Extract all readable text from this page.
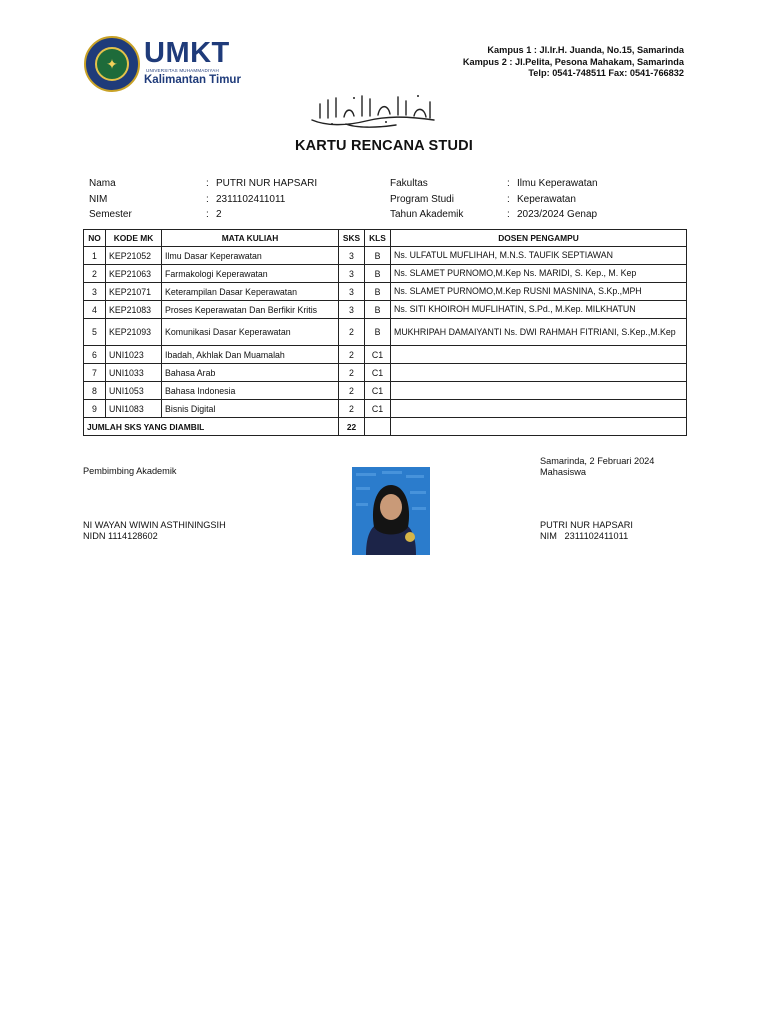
✦ UMKT
UNIVERSITAS MUHAMMADIYAH
Kalimantan Timur
Kampus 1 : Jl.Ir.H. Juanda, No.15, Samarinda
Kampus 2 : Jl.Pelita, Pesona Mahakam, Samarinda
Telp: 0541-748511 Fax: 0541-766832
KARTU RENCANA STUDI
Nama	: PUTRI NUR HAPSARI
NIM	: 2311102411011
Semester	: 2
Fakultas	: Ilmu Keperawatan
Program Studi	: Keperawatan
Tahun Akademik	: 2023/2024 Genap
NO	KODE MK	MATA KULIAH	SKS	KLS	DOSEN PENGAMPU
1	KEP21052	Ilmu Dasar Keperawatan	3	B	Ns. ULFATUL MUFLIHAH, M.N.S. TAUFIK SEPTIAWAN
2	KEP21063	Farmakologi Keperawatan	3	B	Ns. SLAMET PURNOMO,M.Kep Ns. MARIDI, S. Kep., M. Kep
3	KEP21071	Keterampilan Dasar Keperawatan	3	B	Ns. SLAMET PURNOMO,M.Kep RUSNI MASNINA, S.Kp.,MPH
4	KEP21083	Proses Keperawatan Dan Berfikir Kritis	3	B	Ns. SITI KHOIROH MUFLIHATIN, S.Pd., M.Kep. MILKHATUN
5	KEP21093	Komunikasi Dasar Keperawatan	2	B	MUKHRIPAH DAMAIYANTI Ns. DWI RAHMAH FITRIANI, S.Kep.,M.Kep
6	UNI1023	Ibadah, Akhlak Dan Muamalah	2	C1	
7	UNI1033	Bahasa Arab	2	C1	
8	UNI1053	Bahasa Indonesia	2	C1	
9	UNI1083	Bisnis Digital	2	C1	
JUMLAH SKS YANG DIAMBIL			22		
Pembimbing Akademik
NI WAYAN WIWIN ASTHININGSIH
NIDN 1114128602
Samarinda, 2 Februari 2024
Mahasiswa
PUTRI NUR HAPSARI
NIM   2311102411011
